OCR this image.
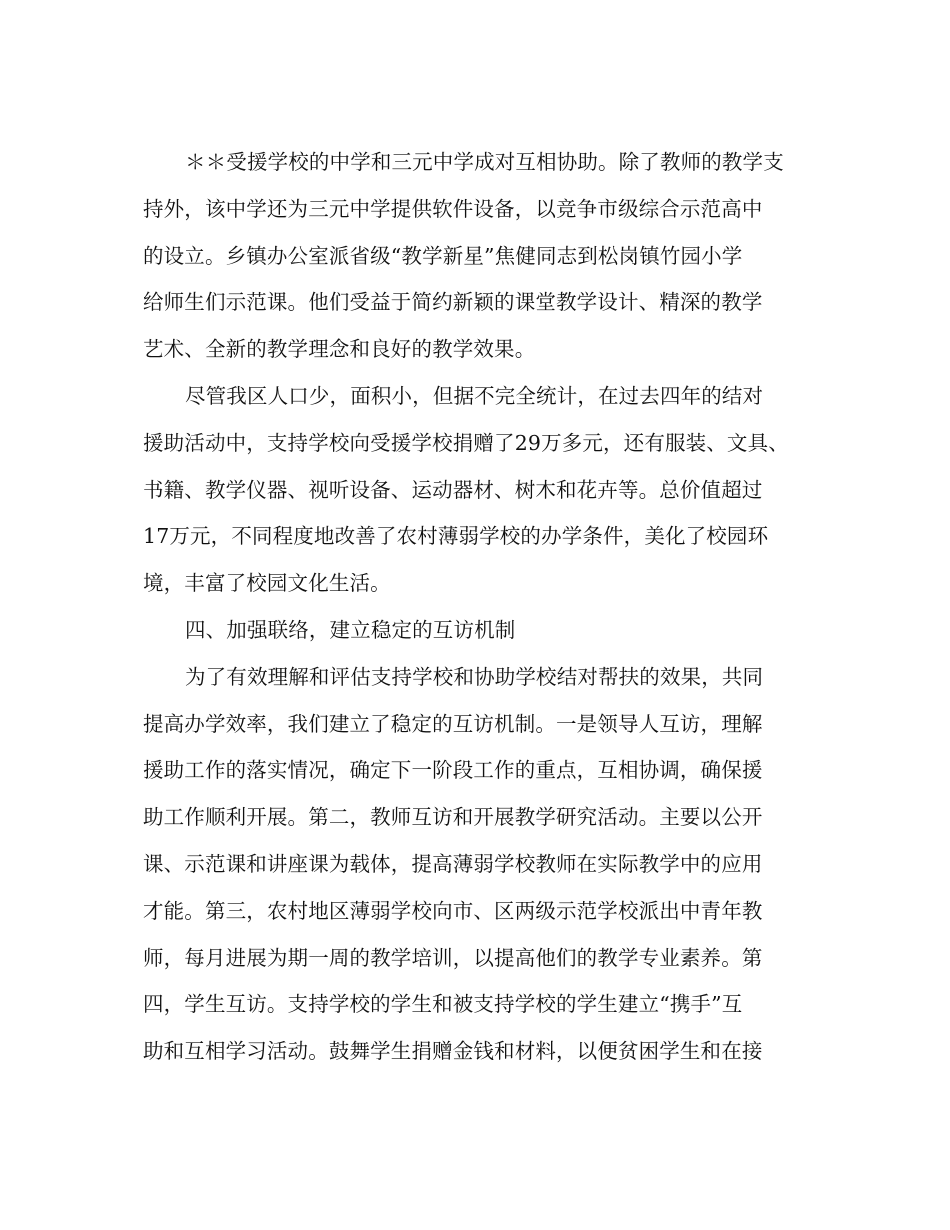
＊＊受援学校的中学和三元中学成对互相协助。除了教师的教学支
持外，该中学还为三元中学提供软件设备，以竞争市级综合示范高中
的设立。乡镇办公室派省级“教学新星”焦健同志到松岗镇竹园小学
给师生们示范课。他们受益于简约新颖的课堂教学设计、精深的教学
艺术、全新的教学理念和良好的教学效果。
尽管我区人口少，面积小，但据不完全统计，在过去四年的结对
援助活动中，支持学校向受援学校捐赠了29万多元，还有服装、文具、
书籍、教学仪器、视听设备、运动器材、树木和花卉等。总价值超过
17万元，不同程度地改善了农村薄弱学校的办学条件，美化了校园环
境，丰富了校园文化生活。
四、加强联络，建立稳定的互访机制
为了有效理解和评估支持学校和协助学校结对帮扶的效果，共同
提高办学效率，我们建立了稳定的互访机制。一是领导人互访，理解
援助工作的落实情况，确定下一阶段工作的重点，互相协调，确保援
助工作顺利开展。第二，教师互访和开展教学研究活动。主要以公开
课、示范课和讲座课为载体，提高薄弱学校教师在实际教学中的应用
才能。第三，农村地区薄弱学校向市、区两级示范学校派出中青年教
师，每月进展为期一周的教学培训，以提高他们的教学专业素养。第
四，学生互访。支持学校的学生和被支持学校的学生建立“携手”互
助和互相学习活动。鼓舞学生捐赠金钱和材料，以便贫困学生和在接
